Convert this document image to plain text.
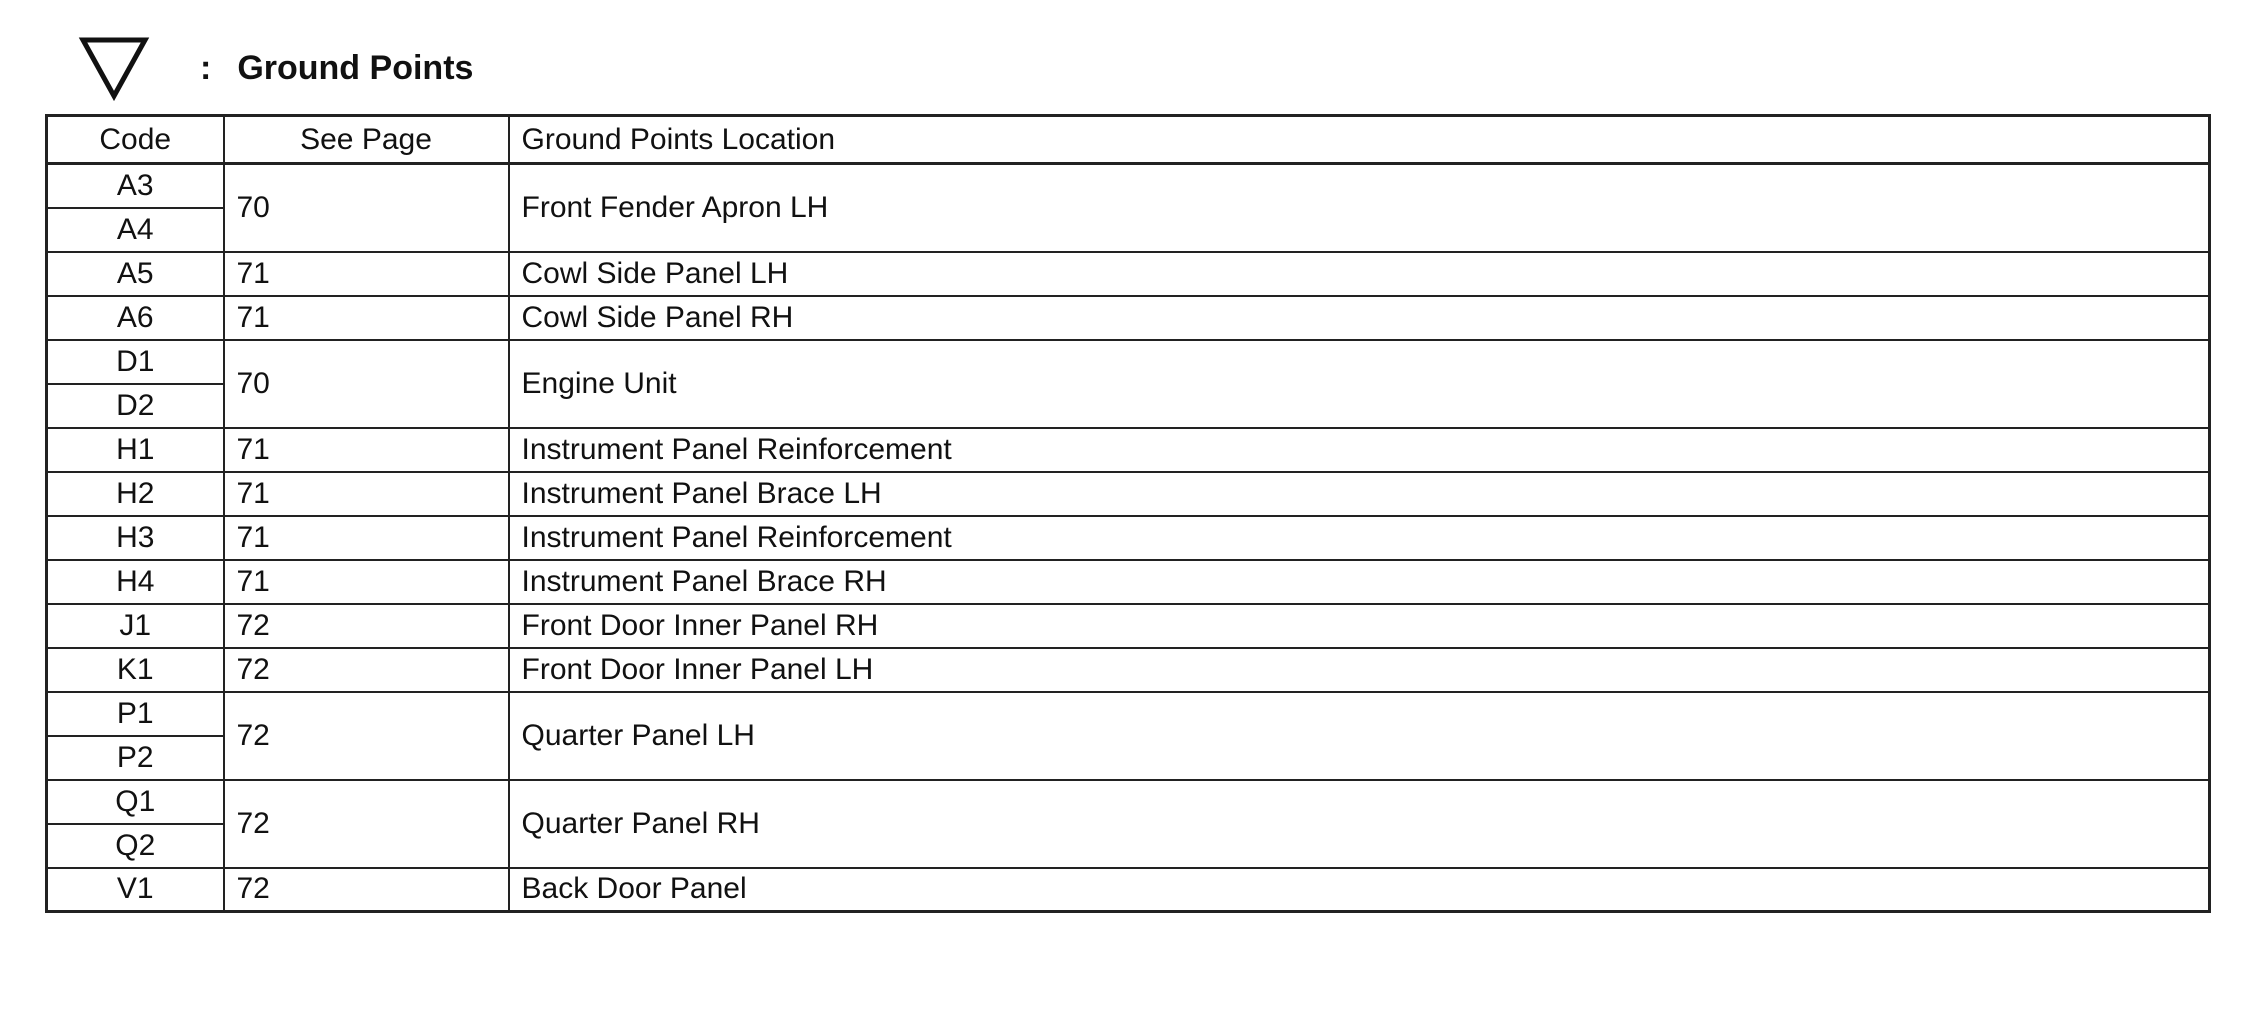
: Ground Points
Code	See Page	Ground Points Location
A3	70	Front Fender Apron LH
A4		
A5	71	Cowl Side Panel LH
A6	71	Cowl Side Panel RH
D1	70	Engine Unit
D2		
H1	71	Instrument Panel Reinforcement
H2	71	Instrument Panel Brace LH
H3	71	Instrument Panel Reinforcement
H4	71	Instrument Panel Brace RH
J1	72	Front Door Inner Panel RH
K1	72	Front Door Inner Panel LH
P1	72	Quarter Panel LH
P2		
Q1	72	Quarter Panel RH
Q2		
V1	72	Back Door Panel
